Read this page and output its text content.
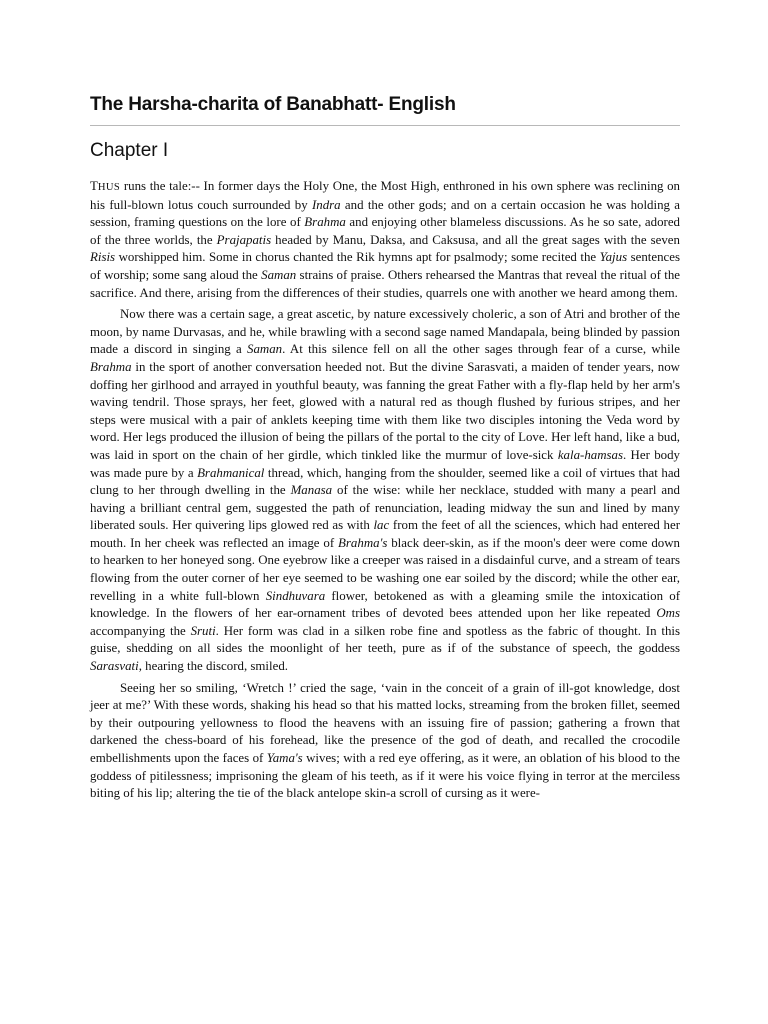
The Harsha-charita of Banabhatt- English
Chapter I

THUS runs the tale:-- In former days the Holy One, the Most High, enthroned in his own sphere was reclining on his full-blown lotus couch surrounded by Indra and the other gods; and on a certain occasion he was holding a session, framing questions on the lore of Brahma and enjoying other blameless discussions. As he so sate, adored of the three worlds, the Prajapatis headed by Manu, Daksa, and Caksusa, and all the great sages with the seven Risis worshipped him. Some in chorus chanted the Rik hymns apt for psalmody; some recited the Yajus sentences of worship; some sang aloud the Saman strains of praise. Others rehearsed the Mantras that reveal the ritual of the sacrifice. And there, arising from the differences of their studies, quarrels one with another we heard among them.

Now there was a certain sage, a great ascetic, by nature excessively choleric, a son of Atri and brother of the moon, by name Durvasas, and he, while brawling with a second sage named Mandapala, being blinded by passion made a discord in singing a Saman. At this silence fell on all the other sages through fear of a curse, while Brahma in the sport of another conversation heeded not. But the divine Sarasvati, a maiden of tender years, now doffing her girlhood and arrayed in youthful beauty, was fanning the great Father with a fly-flap held by her arm's waving tendril. Those sprays, her feet, glowed with a natural red as though flushed by furious stripes, and her steps were musical with a pair of anklets keeping time with them like two disciples intoning the Veda word by word. Her legs produced the illusion of being the pillars of the portal to the city of Love. Her left hand, like a bud, was laid in sport on the chain of her girdle, which tinkled like the murmur of love-sick kala-hamsas. Her body was made pure by a Brahmanical thread, which, hanging from the shoulder, seemed like a coil of virtues that had clung to her through dwelling in the Manasa of the wise: while her necklace, studded with many a pearl and having a brilliant central gem, suggested the path of renunciation, leading midway the sun and lined by many liberated souls. Her quivering lips glowed red as with lac from the feet of all the sciences, which had entered her mouth. In her cheek was reflected an image of Brahma's black deer-skin, as if the moon's deer were come down to hearken to her honeyed song. One eyebrow like a creeper was raised in a disdainful curve, and a stream of tears flowing from the outer corner of her eye seemed to be washing one ear soiled by the discord; while the other ear, revelling in a white full-blown Sindhuvara flower, betokened as with a gleaming smile the intoxication of knowledge. In the flowers of her ear-ornament tribes of devoted bees attended upon her like repeated Oms accompanying the Sruti. Her form was clad in a silken robe fine and spotless as the fabric of thought. In this guise, shedding on all sides the moonlight of her teeth, pure as if of the substance of speech, the goddess Sarasvati, hearing the discord, smiled.

Seeing her so smiling, ‘Wretch !’ cried the sage, ‘vain in the conceit of a grain of ill-got knowledge, dost jeer at me?’ With these words, shaking his head so that his matted locks, streaming from the broken fillet, seemed by their outpouring yellowness to flood the heavens with an issuing fire of passion; gathering a frown that darkened the chess-board of his forehead, like the presence of the god of death, and recalled the crocodile embellishments upon the faces of Yama's wives; with a red eye offering, as it were, an oblation of his blood to the goddess of pitilessness; imprisoning the gleam of his teeth, as if it were his voice flying in terror at the merciless biting of his lip; altering the tie of the black antelope skin-a scroll of cursing as it were-
